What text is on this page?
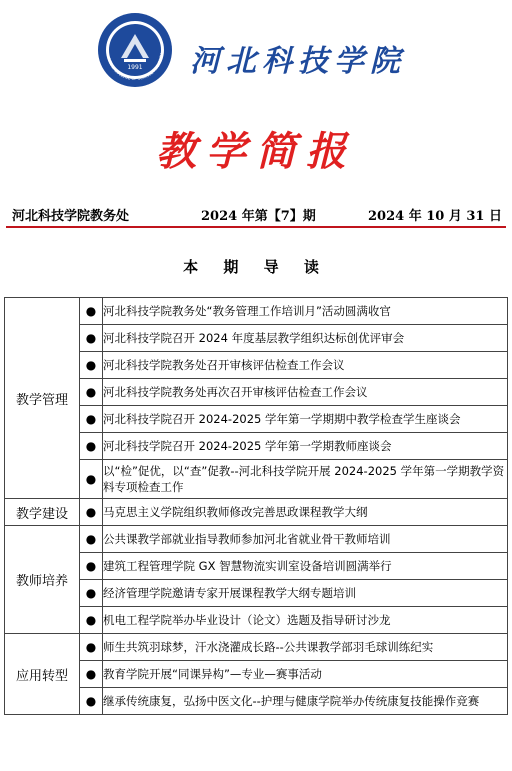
1991
HEBEI COLLEGE OF SCIENCE AND TECH 河北科技学院
教学简报
河北科技学院教务处	2024 年第【7】期	2024 年 10 月 31 日
本 期 导 读
教学管理	●	河北科技学院教务处“教务管理工作培训月”活动圆满收官
	●	河北科技学院召开 2024 年度基层教学组织达标创优评审会
	●	河北科技学院教务处召开审核评估检查工作会议
	●	河北科技学院教务处再次召开审核评估检查工作会议
	●	河北科技学院召开 2024-2025 学年第一学期期中教学检查学生座谈会
	●	河北科技学院召开 2024-2025 学年第一学期教师座谈会
	●	以“检”促优，以“查”促教--河北科技学院开展 2024-2025 学年第一学期教学资料专项检查工作
教学建设	●	马克思主义学院组织教师修改完善思政课程教学大纲
教师培养	●	公共课教学部就业指导教师参加河北省就业骨干教师培训
	●	建筑工程管理学院 GX 智慧物流实训室设备培训圆满举行
	●	经济管理学院邀请专家开展课程教学大纲专题培训
	●	机电工程学院举办毕业设计（论文）选题及指导研讨沙龙
应用转型	●	师生共筑羽球梦，汗水浇灌成长路--公共课教学部羽毛球训练纪实
	●	教育学院开展“同课异构”—专业—赛事活动
	●	继承传统康复，弘扬中医文化--护理与健康学院举办传统康复技能操作竞赛
